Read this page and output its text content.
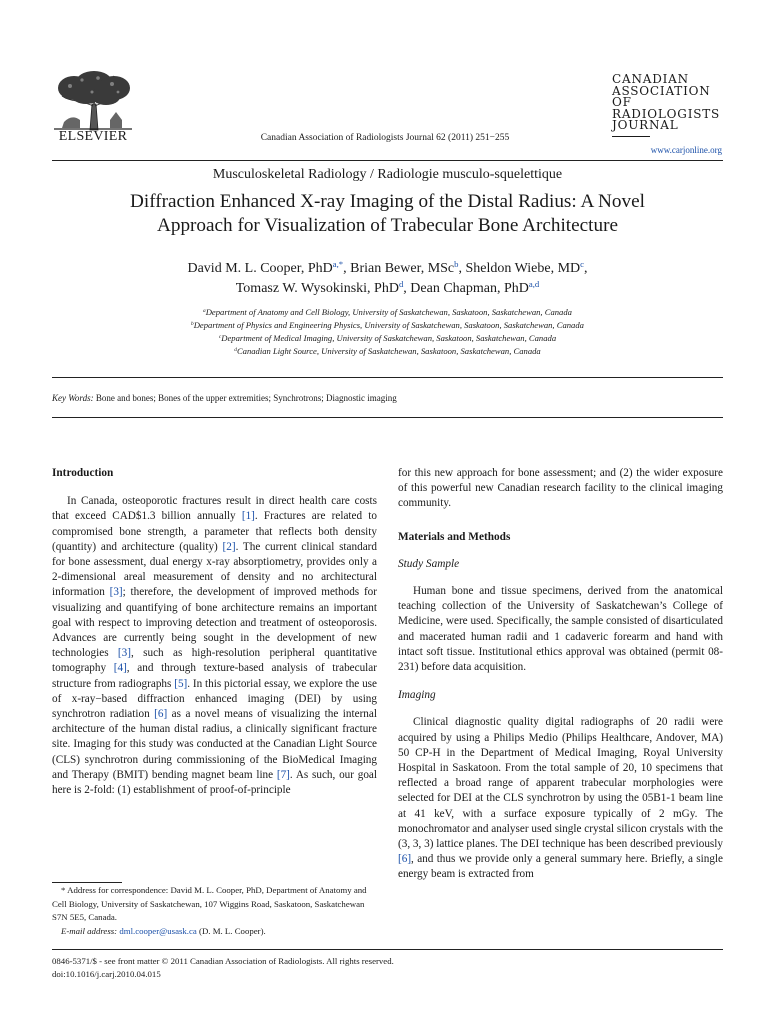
ELSEVIER	Canadian Association of Radiologists Journal 62 (2011) 251−255
CANADIAN
ASSOCIATION OF
RADIOLOGISTS
JOURNAL
www.carjonline.org
Musculoskeletal Radiology / Radiologie musculo-squelettique
Diffraction Enhanced X-ray Imaging of the Distal Radius: A Novel
Approach for Visualization of Trabecular Bone Architecture
David M. L. Cooper, PhD$^{a,*}$, Brian Bewer, MSc$^b$, Sheldon Wiebe, $MD^c$,
Tomasz W. Wysokinski, PhD$^d$, Dean Chapman, PhD$^{a,d}$
$^a$Department of Anatomy and Cell Biology, University of Saskatchewan, Saskatoon, Saskatchewan, Canada
$^b$Department of Physics and Engineering Physics, University of Saskatchewan, Saskatoon, Saskatchewan, Canada
$^c$Department of Medical Imaging, University of Saskatchewan, Saskatoon, Saskatchewan, Canada
$^d$Canadian Light Source, University of Saskatchewan, Saskatoon, Saskatchewan, Canada
Key Words: Bone and bones; Bones of the upper extremities; Synchrotrons; Diagnostic imaging
Introduction

In Canada, osteoporotic fractures result in direct health care costs that exceed CAD$1.3 billion annually [1]. Fractures are related to compromised bone strength, a parameter that reflects both density (quantity) and architecture (quality) [2]. The current clinical standard for bone assessment, dual energy x-ray absorptiometry, provides only a 2-dimensional areal measurement of density and no architectural information [3]; therefore, the development of improved methods for visualizing and quantifying of bone architecture remains an important goal with respect to improving detection and treatment of osteoporosis. Advances are currently being sought in the development of new technologies [3], such as high-resolution peripheral quantitative tomography [4], and through texture-based analysis of trabecular structure from radiographs [5]. In this pictorial essay, we explore the use of x-ray−based diffraction enhanced imaging (DEI) by using synchrotron radiation [6] as a novel means of visualizing the internal architecture of the human distal radius, a clinically significant fracture site. Imaging for this study was conducted at the Canadian Light Source (CLS) synchrotron during commissioning of the BioMedical Imaging and Therapy (BMIT) bending magnet beam line [7]. As such, our goal here is 2-fold: (1) establishment of proof-of-principle

* Address for correspondence: David M. L. Cooper, PhD, Department of Anatomy and Cell Biology, University of Saskatchewan, 107 Wiggins Road, Saskatoon, Saskatchewan S7N 5E5, Canada.
E-mail address: dml.cooper@usask.ca (D. M. L. Cooper).

for this new approach for bone assessment; and (2) the wider exposure of this powerful new Canadian research facility to the clinical imaging community.

Materials and Methods
Study Sample

Human bone and tissue specimens, derived from the anatomical teaching collection of the University of Saskatchewan’s College of Medicine, were used. Specifically, the sample consisted of disarticulated and macerated human radii and 1 cadaveric forearm and hand with intact soft tissue. Institutional ethics approval was obtained (permit 08-231) before data acquisition.

Imaging

Clinical diagnostic quality digital radiographs of 20 radii were acquired by using a Philips Medio (Philips Healthcare, Andover, MA) 50 CP-H in the Department of Medical Imaging, Royal University Hospital in Saskatoon. From the total sample of 20, 10 specimens that reflected a broad range of apparent trabecular morphologies were selected for DEI at the CLS synchrotron by using the 05B1-1 beam line at 41 keV, with a surface exposure typically of 2 mGy. The monochromator and analyser used single crystal silicon crystals with the (3, 3, 3) lattice planes. The DEI technique has been described previously [6], and thus we provide only a general summary here. Briefly, a single energy beam is extracted from

0846-5371/$ - see front matter © 2011 Canadian Association of Radiologists. All rights reserved.
doi:10.1016/j.carj.2010.04.015
